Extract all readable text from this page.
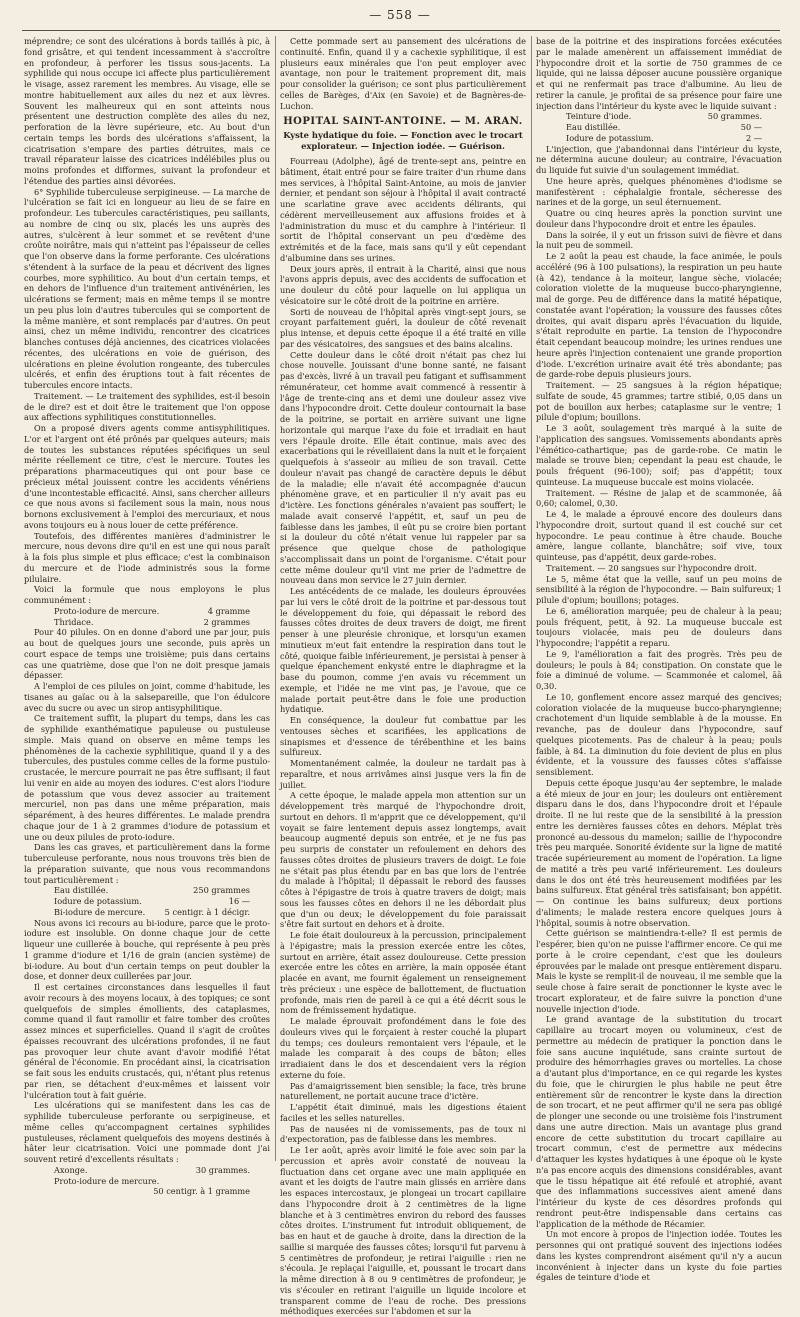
— 558 —

méprendre; ce sont des ulcérations à bords taillés à pic, à fond grisâtre, et qui tendent incessamment à s'accroître en profondeur, à perforer les tissus sous-jacents. La syphilide qui nous occupe ici affecte plus particulièrement le visage, assez rarement les membres. Au visage, elle se montre habituellement aux ailes du nez et aux lèvres. Souvent les malheureux qui en sont atteints nous présentent une destruction complète des ailes du nez, perforation de la lèvre supérieure, etc. Au bout d'un certain temps les bords des ulcérations s'affaissent, la cicatrisation s'empare des parties détruites, mais ce travail réparateur laisse des cicatrices indélébiles plus ou moins profondes et difformes, suivant la profondeur et l'étendue des parties ainsi dévorées.

6° Syphilide tuberculeuse serpigineuse. — La marche de l'ulcération se fait ici en longueur au lieu de se faire en profondeur. Les tubercules caractéristiques, peu saillants, au nombre de cinq ou six, placés les uns auprès des autres, s'ulcèrent à leur sommet et se revêtent d'une croûte noirâtre, mais qui n'atteint pas l'épaisseur de celles que l'on observe dans la forme perforante. Ces ulcérations s'étendent à la surface de la peau et décrivent des lignes courbes, more syphilitico. Au bout d'un certain temps, et en dehors de l'influence d'un traitement antivénérien, les ulcérations se ferment; mais en même temps il se montre un peu plus loin d'autres tubercules qui se comportent de la même manière, et sont remplacés par d'autres. On peut ainsi, chez un même individu, rencontrer des cicatrices blanches contuses déjà anciennes, des cicatrices violacées récentes, des ulcérations en voie de guérison, des ulcérations en pleine évolution rongeante, des tubercules ulcérés, et enfin des éruptions tout à fait récentes de tubercules encore intacts.

Traitement. — Le traitement des syphilides, est-il besoin de le dire? est et doit être le traitement que l'on oppose aux affections syphilitiques constitutionnelles.

On a proposé divers agents comme antisyphilitiques. L'or et l'argent ont été prônés par quelques auteurs; mais de toutes les substances réputées spécifiques un seul mérite réellement ce titre, c'est le mercure. Toutes les préparations pharmaceutiques qui ont pour base ce précieux métal jouissent contre les accidents vénériens d'une incontestable efficacité. Ainsi, sans chercher ailleurs ce que nous avons si facilement sous la main, nous nous bornons exclusivement à l'emploi des mercuriaux, et nous avons toujours eu à nous louer de cette préférence.

Toutefois, des différentes manières d'administrer le mercure, nous devons dire qu'il en est une qui nous paraît à la fois plus simple et plus efficace; c'est la combinaison du mercure et de l'iode administrés sous la forme pilulaire.

Voici la formule que nous employons le plus communément :

Proto-iodure de mercure.	4 gramme

Thridace.	2 grammes

Pour 40 pilules. On en donne d'abord une par jour, puis au bout de quelques jours une seconde, puis après un court espace de temps une troisième; puis dans certains cas une quatrième, dose que l'on ne doit presque jamais dépasser.

A l'emploi de ces pilules on joint, comme d'habitude, les tisanes au gaïac ou à la salsepareille, que l'on édulcore avec du sucre ou avec un sirop antisyphilitique.

Ce traitement suffit, la plupart du temps, dans les cas de syphilide exanthématique papuleuse ou pustuleuse simple. Mais quand on observe en même temps les phénomènes de la cachexie syphilitique, quand il y a des tubercules, des pustules comme celles de la forme pustulo-crustacée, le mercure pourrait ne pas être suffisant; il faut lui venir en aide au moyen des iodures. C'est alors l'iodure de potassium que vous devez associer au traitement mercuriel, non pas dans une même préparation, mais séparément, à des heures différentes. Le malade prendra chaque jour de 1 à 2 grammes d'iodure de potassium et une ou deux pilules de proto-iodure.

Dans les cas graves, et particulièrement dans la forme tuberculeuse perforante, nous nous trouvons très bien de la préparation suivante, que nous vous recommandons tout particulièrement :

Eau distillée.	250 grammes

Iodure de potassium.	16 —

Bi-iodure de mercure. 5 centigr. à 1 décigr.

Nous avons ici recours au bi-iodure, parce que le proto-iodure est insoluble. On donne chaque jour de cette liqueur une cuillerée à bouche, qui représente à peu près 1 gramme d'iodure et 1/16 de grain (ancien système) de bi-iodure. Au bout d'un certain temps on peut doubler la dose, et donner deux cuillerées par jour.

Il est certaines circonstances dans lesquelles il faut avoir recours à des moyens locaux, à des topiques; ce sont quelquefois de simples émollients, des cataplasmes, comme quand il faut ramollir et faire tomber des croûtes assez minces et superficielles. Quand il s'agit de croûtes épaisses recouvrant des ulcérations profondes, il ne faut pas provoquer leur chute avant d'avoir modifié l'état général de l'économie. En procédant ainsi, la cicatrisation se fait sous les enduits crustacés, qui, n'étant plus retenus par rien, se détachent d'eux-mêmes et laissent voir l'ulcération tout à fait guérie.

Les ulcérations qui se manifestent dans les cas de syphilide tuberculeuse perforante ou serpigineuse, et même celles qu'accompagnent certaines syphilides pustuleuses, réclament quelquefois des moyens destinés à hâter leur cicatrisation. Voici une pommade dont j'ai souvent retiré d'excellents résultats :

Axonge.	30 grammes.

Proto-iodure de mercure.
50 centigr. à 1 gramme

Cette pommade sert au pansement des ulcérations de continuité. Enfin, quand il y a cachexie syphilitique, il est plusieurs eaux minérales que l'on peut employer avec avantage, non pour le traitement proprement dit, mais pour consolider la guérison; ce sont plus particulièrement celles de Barèges, d'Aix (en Savoie) et de Bagnères-de-Luchon.

HOPITAL SAINT-ANTOINE. — M. ARAN.
Kyste hydatique du foie. — Fonction avec le trocart explorateur. — Injection iodée. — Guérison.

Fourreau (Adolphe), âgé de trente-sept ans, peintre en bâtiment, était entré pour se faire traiter d'un rhume dans mes services, à l'hôpital Saint-Antoine, au mois de janvier dernier, et pendant son séjour à l'hôpital il avait contracté une scarlatine grave avec accidents délirants, qui cédèrent merveilleusement aux affusions froides et à l'administration du musc et du camphre à l'intérieur. Il sortit de l'hôpital conservant un peu d'œdème des extrémités et de la face, mais sans qu'il y eût cependant d'albumine dans ses urines.

Deux jours après, il entrait à la Charité, ainsi que nous l'avons appris depuis, avec des accidents de suffocation et une douleur du côté pour laquelle on lui appliqua un vésicatoire sur le côté droit de la poitrine en arrière.

Sorti de nouveau de l'hôpital après vingt-sept jours, se croyant parfaitement guéri, la douleur de côté revenait plus intense, et depuis cette époque il a été traité en ville par des vésicatoires, des sangsues et des bains alcalins.

Cette douleur dans le côté droit n'était pas chez lui chose nouvelle. Jouissant d'une bonne santé, ne faisant pas d'excès, livré à un travail peu fatigant et suffisamment rémunérateur, cet homme avait commencé à ressentir à l'âge de trente-cinq ans et demi une douleur assez vive dans l'hypocondre droit. Cette douleur contournait la base de la poitrine, se portait en arrière suivant une ligne horizontale qui marque l'axe du foie et irradiait en haut vers l'épaule droite. Elle était continue, mais avec des exacerbations qui le réveillaient dans la nuit et le forçaient quelquefois à s'asseoir au milieu de son travail. Cette douleur n'avait pas changé de caractère depuis le début de la maladie; elle n'avait été accompagnée d'aucun phénomène grave, et en particulier il n'y avait pas eu d'ictère. Les fonctions générales n'avaient pas souffert; le malade avait conservé l'appétit, et, sauf un peu de faiblesse dans les jambes, il eût pu se croire bien portant si la douleur du côté n'était venue lui rappeler par sa présence que quelque chose de pathologique s'accomplissait dans un point de l'organisme. C'était pour cette même douleur qu'il vint me prier de l'admettre de nouveau dans mon service le 27 juin dernier.

Les antécédents de ce malade, les douleurs éprouvées par lui vers le côté droit de la poitrine et par-dessous tout le développement du foie, qui dépassait le rebord des fausses côtes droites de deux travers de doigt, me firent penser à une pleurésie chronique, et lorsqu'un examen minutieux m'eut fait entendre la respiration dans tout le côté, quoique faible inférieurement, je persistai à penser à quelque épanchement enkysté entre le diaphragme et la base du poumon, comme j'en avais vu récemment un exemple, et l'idée ne me vint pas, je l'avoue, que ce malade portait peut-être dans le foie une production hydatique.

En conséquence, la douleur fut combattue par les ventouses sèches et scarifiées, les applications de sinapismes et d'essence de térébenthine et les bains sulfureux.

Momentanément calmée, la douleur ne tardait pas à reparaître, et nous arrivâmes ainsi jusque vers la fin de juillet.

A cette époque, le malade appela mon attention sur un développement très marqué de l'hypochondre droit, surtout en dehors. Il m'apprit que ce développement, qu'il voyait se faire lentement depuis assez longtemps, avait beaucoup augmenté depuis son entrée, et je ne fus pas peu surpris de constater un refoulement en dehors des fausses côtes droites de plusieurs travers de doigt. Le foie ne s'était pas plus étendu par en bas que lors de l'entrée du malade à l'hôpital; il dépassait le rebord des fausses côtes à l'épigastre de trois à quatre travers de doigt; mais sous les fausses côtes en dehors il ne les débordait plus que d'un ou deux; le développement du foie paraissait s'être fait surtout en dehors et à droite.

Le foie était douloureux à la percussion, principalement à l'épigastre; mais la pression exercée entre les côtes, surtout en arrière, était assez douloureuse. Cette pression exercée entre les côtes en arrière, la main opposée étant placée en avant, me fournit également un renseignement très précieux : une espèce de ballottement, de fluctuation profonde, mais rien de pareil à ce qui a été décrit sous le nom de frémissement hydatique.

Le malade éprouvait profondément dans le foie des douleurs vives qui le forçaient à rester couché la plupart du temps; ces douleurs remontaient vers l'épaule, et le malade les comparait à des coups de bâton; elles irradiaient dans le dos et descendaient vers la région externe du foie.

Pas d'amaigrissement bien sensible; la face, très brune naturellement, ne portait aucune trace d'ictère.

L'appétit était diminué, mais les digestions étaient faciles et les selles naturelles.

Pas de nausées ni de vomissements, pas de toux ni d'expectoration, pas de faiblesse dans les membres.

Le 1er août, après avoir limité le foie avec soin par la percussion et après avoir constaté de nouveau la fluctuation dans cet organe avec une main appliquée en avant et les doigts de l'autre main glissés en arrière dans les espaces intercostaux, je plongeai un trocart capillaire dans l'hypocondre droit à 2 centimètres de la ligne blanche et à 3 centimètres environ du rebord des fausses côtes droites. L'instrument fut introduit obliquement, de bas en haut et de gauche à droite, dans la direction de la saillie si marquée des fausses côtes; lorsqu'il fut parvenu à 5 centimètres de profondeur, je retirai l'aiguille : rien ne s'écoula. Je replaçai l'aiguille, et, poussant le trocart dans la même direction à 8 ou 9 centimètres de profondeur, je vis s'écouler en retirant l'aiguille un liquide incolore et transparent comme de l'eau de roche. Des pressions méthodiques exercées sur l'abdomen et sur la

base de la poitrine et des inspirations forcées exécutées par le malade amenèrent un affaissement immédiat de l'hypocondre droit et la sortie de 750 grammes de ce liquide, qui ne laissa déposer aucune poussière organique et qui ne renfermait pas trace d'albumine. Au lieu de retirer la canule, je profitai de sa présence pour faire une injection dans l'intérieur du kyste avec le liquide suivant :

Teinture d'iode.	50 grammes.

Eau distillée.	50 —

Iodure de potassium.	2 —

L'injection, que j'abandonnai dans l'intérieur du kyste, ne détermina aucune douleur; au contraire, l'évacuation du liquide fut suivie d'un soulagement immédiat.

Une heure après, quelques phénomènes d'iodisme se manifestèrent : céphalalgie frontale, sécheresse des narines et de la gorge, un seul éternuement.

Quatre ou cinq heures après la ponction survint une douleur dans l'hypocondre droit et entre les épaules.

Dans la soirée, il y eut un frisson suivi de fièvre et dans la nuit peu de sommeil.

Le 2 août la peau est chaude, la face animée, le pouls accéléré (96 à 100 pulsations), la respiration un peu haute (à 42), tendance à la moiteur, langue sèche, violacée; coloration violette de la muqueuse bucco-pharyngienne, mal de gorge. Peu de différence dans la matité hépatique, constatée avant l'opération; la voussure des fausses côtes droites, qui avait disparu après l'évacuation du liquide, s'était reproduite en partie. La tension de l'hypocondre était cependant beaucoup moindre; les urines rendues une heure après l'injection contenaient une grande proportion d'iode. L'excrétion urinaire avait été très abondante; pas de garde-robe depuis plusieurs jours.

Traitement. — 25 sangsues à la région hépatique; sulfate de soude, 45 grammes; tartre stibié, 0,05 dans un pot de bouillon aux herbes; cataplasme sur le ventre; 1 pilule d'opium; bouillons.

Le 3 août, soulagement très marqué à la suite de l'application des sangsues. Vomissements abondants après l'émético-cathartique; pas de garde-robe. Ce matin le malade se trouve bien; cependant la peau est chaude, le pouls fréquent (96-100); soif; pas d'appétit; toux quinteuse. La muqueuse buccale est moins violacée.

Traitement. — Résine de jalap et de scammonée, âā 0,60; calomel, 0,30.

Le 4, le malade a éprouvé encore des douleurs dans l'hypocondre droit, surtout quand il est couché sur cet hypocondre. Le peau continue à être chaude. Bouche amère, langue collante, blanchâtre; soif vive, toux quinteuse, pas d'appétit, deux garde-robes.

Traitement. — 20 sangsues sur l'hypocondre droit.

Le 5, même état que la veille, sauf un peu moins de sensibilité à la région de l'hypocondre. — Bain sulfureux; 1 pilule d'opium; bouillons; potages.

Le 6, amélioration marquée; peu de chaleur à la peau; pouls fréquent, petit, à 92. La muqueuse buccale est toujours violacée, mais peu de douleurs dans l'hypocondre; l'appétit a reparu.

Le 9, l'amélioration a fait des progrès. Très peu de douleurs; le pouls à 84; constipation. On constate que le foie a diminué de volume. — Scammonée et calomel, āā 0,30.

Le 10, gonflement encore assez marqué des gencives; coloration violacée de la muqueuse bucco-pharyngienne; crachotement d'un liquide semblable à de la mousse. En revanche, pas de douleur dans l'hypocondre, sauf quelques picotements. Pas de chaleur à la peau; pouls faible, à 84. La diminution du foie devient de plus en plus évidente, et la voussure des fausses côtes s'affaisse sensiblement.

Depuis cette époque jusqu'au 4er septembre, le malade a été mieux de jour en jour; les douleurs ont entièrement disparu dans le dos, dans l'hypocondre droit et l'épaule droite. Il ne lui reste que de la sensibilité à la pression entre les dernières fausses côtes en dehors. Méplat très prononcé au-dessous du mamelon; saillie de l'hypocondre très peu marquée. Sonorité évidente sur la ligne de matité tracée supérieurement au moment de l'opération. La ligne de matité a très peu varié inférieurement. Les douleurs dans le dos ont été très heureusement modifiées par les bains sulfureux. État général très satisfaisant; bon appétit. — On continue les bains sulfureux; deux portions d'aliments; le malade restera encore quelques jours à l'hôpital, soumis à notre observation.

Cette guérison se maintiendra-t-elle? Il est permis de l'espérer, bien qu'on ne puisse l'affirmer encore. Ce qui me porte à le croire cependant, c'est que les douleurs éprouvées par le malade ont presque entièrement disparu. Mais le kyste se remplit-il de nouveau, il me semble que la seule chose à faire serait de ponctionner le kyste avec le trocart explorateur, et de faire suivre la ponction d'une nouvelle injection d'iode.

Le grand avantage de la substitution du trocart capillaire au trocart moyen ou volumineux, c'est de permettre au médecin de pratiquer la ponction dans le foie sans aucune inquiétude, sans crainte surtout de produire des hémorrhagies graves ou mortelles. La chose a d'autant plus d'importance, en ce qui regarde les kystes du foie, que le chirurgien le plus habile ne peut être entièrement sûr de rencontrer le kyste dans la direction de son trocart, et ne peut affirmer qu'il ne sera pas obligé de plonger une seconde ou une troisième fois l'instrument dans une autre direction. Mais un avantage plus grand encore de cette substitution du trocart capillaire au trocart commun, c'est de permettre aux médecins d'attaquer les kystes hydatiques à une époque où le kyste n'a pas encore acquis des dimensions considérables, avant que le tissu hépatique ait été refoulé et atrophié, avant que des inflammations successives aient amené dans l'intérieur du kyste de ces désordres profonds qui rendront peut-être indispensable dans certains cas l'application de la méthode de Récamier.

Un mot encore à propos de l'injection iodée. Toutes les personnes qui ont pratiqué souvent des injections iodées dans les kystes comprendront aisément qu'il n'y a aucun inconvénient à injecter dans un kyste du foie parties égales de teinture d'iode et
